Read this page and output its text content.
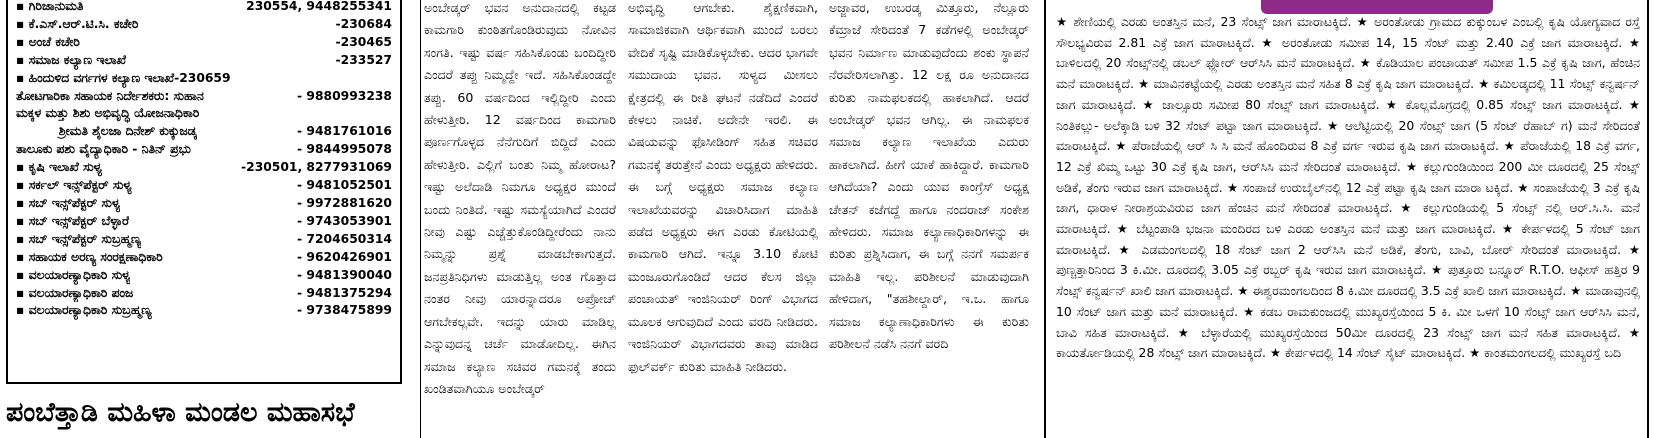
▪ ಗಿರಿಜಾನುಮತಿ	230554, 9448255341
▪ ಕೆ.ಎಸ್.ಆರ್.ಟಿ.ಸಿ. ಕಚೇರಿ	-230684
▪ ಅಂಚೆ ಕಚೇರಿ	-230465
▪ ಸಮಾಜ ಕಲ್ಯಾಣ ಇಲಾಖೆ	-233527
▪ ಹಿಂದುಳಿದ ವರ್ಗಗಳ ಕಲ್ಯಾಣ ಇಲಾಖೆ-230659
ತೋಟಗಾರಿಕಾ ಸಹಾಯಕ ನಿರ್ದೇಶಕರು: ಸುಹಾನ	- 9880993238
ಮಕ್ಕಳ ಮತ್ತು ಶಿಶು ಅಭಿವೃದ್ಧಿ ಯೋಜನಾಧಿಕಾರಿ
ಶ್ರೀಮತಿ ಶೈಲಜಾ ದಿನೇಶ್ ಕುಕ್ಕುಜಡ್ಕ	- 9481761016
ತಾಲೂಕು ಪಶು ವೈದ್ಯಾಧಿಕಾರಿ - ನಿತಿನ್ ಪ್ರಭು	- 9844995078
▪ ಕೃಷಿ ಇಲಾಖೆ ಸುಳ್ಯ	-230501, 8277931069
▪ ಸರ್ಕಲ್ ಇನ್ಸ್‌ಪೆಕ್ಟರ್ ಸುಳ್ಯ	- 9481052501
▪ ಸಬ್ ಇನ್ಸ್‌ಪೆಕ್ಟರ್ ಸುಳ್ಯ	- 9972881620
▪ ಸಬ್ ಇನ್ಸ್‌ಪೆಕ್ಟರ್ ಬೆಳ್ಳಾರೆ	- 9743053901
▪ ಸಬ್ ಇನ್ಸ್‌ಪೆಕ್ಟರ್ ಸುಬ್ರಹ್ಮಣ್ಯ	- 7204650314
▪ ಸಹಾಯಕ ಅರಣ್ಯ ಸಂರಕ್ಷಣಾಧಿಕಾರಿ	- 9620426901
▪ ವಲಯಾರಣ್ಯಾಧಿಕಾರಿ ಸುಳ್ಯ	- 9481390040
▪ ವಲಯಾರಣ್ಯಾಧಿಕಾರಿ ಪಂಜ	- 9481375294
▪ ವಲಯಾರಣ್ಯಾಧಿಕಾರಿ ಸುಬ್ರಹ್ಮಣ್ಯ	- 9738475899
ಪಂಬೆತ್ತಾಡಿ ಮಹಿಳಾ ಮಂಡಲ ಮಹಾಸಭೆ

ಅಂಬೇಡ್ಕರ್ ಭವನ ಅನುದಾನದಲ್ಲಿ ಕಟ್ಟಡ ಕಾಮಗಾರಿ ಕುಂಠಿತಗೊಂಡಿರುವುದು ನೋವಿನ ಸಂಗತಿ. ಇಷ್ಟು ವರ್ಷ ಸಹಿಸಿಕೊಂಡು ಬಂದಿದ್ದೀರಿ ಎಂದರೆ ತಪ್ಪು ನಿಮ್ಮದ್ದೇ ಇದೆ. ಸಹಿಸಿಕೊಂಡದ್ದೇ ತಪ್ಪು. 60 ವರ್ಷದಿಂದ ಇಲ್ಲಿದ್ದೀರಿ ಎಂದು ಹೇಳುತ್ತೀರಿ. 12 ವರ್ಷದಿಂದ ಕಾಮಗಾರಿ ಪೂರ್ಣಗೊಳ್ಳದ ನೆನೆಗುದಿಗೆ ಬಿದ್ದಿದೆ ಎಂದು ಹೇಳುತ್ತೀರಿ. ಎಲ್ಲಿಗೆ ಬಂತು ನಿಮ್ಮ ಹೋರಾಟ? ಇಷ್ಟು ಅಲೆದಾಡಿ ನಿಮಗೂ ಅಧ್ಯಕ್ಷರ ಮುಂದೆ ಬಂದು ನಿಂತಿದೆ. ಇಷ್ಟು ಸಮಸ್ಯೆಯಾಗಿದೆ ಎಂದರೆ ನೀವು ಎಷ್ಟು ಎಚ್ಚೆತ್ತುಕೊಂಡಿದ್ದೀರೆಂದು ನಾನು ನಿಮ್ಮನ್ನು ಪ್ರಶ್ನೆ ಮಾಡಬೇಕಾಗುತ್ತದೆ. ಜನಪ್ರತಿನಿಧಿಗಳು ಮಾಡುತ್ತಿಲ್ಲ ಅಂತ ಗೊತ್ತಾದ ನಂತರ ನೀವು ಯಾರನ್ನಾದರೂ ಅಪ್ರೋಚ್ ಆಗಬೇಕಲ್ಲವೇ. ಇದನ್ನು ಯಾರು ಮಾಡಿಲ್ಲ ಎನ್ನುವುದನ್ನ ಚರ್ಚೆ ಮಾಡೋದಿಲ್ಲ. ಈಗಿನ ಸಮಾಜ ಕಲ್ಯಾಣ ಸಚಿವರ ಗಮನಕ್ಕೆ ತಂದು ಖಂಡಿತವಾಗಿಯೂ ಅಂಬೇಡ್ಕರ್

ಅಭಿವೃದ್ಧಿ ಆಗಬೇಕು. ಶೈಕ್ಷಣಿಕವಾಗಿ, ಸಾಮಾಜಿಕವಾಗಿ ಆರ್ಥಿಕವಾಗಿ ಮುಂದೆ ಬರಲು ವೇದಿಕೆ ಸೃಷ್ಟಿ ಮಾಡಿಕೊಳ್ಳಬೇಕು. ಆದರ ಭಾಗವೇ ಸಮುದಾಯ ಭವನ. ಸುಳ್ಯದ ಮೀಸಲು ಕ್ಷೇತ್ರದಲ್ಲಿ ಈ ರೀತಿ ಘಟನೆ ನಡೆದಿದೆ ಎಂದರೆ ಕೇಳಲು ನಾಚಿಕೆ. ಅದೇನೇ ಇರಲಿ. ಈ ವಿಷಯವನ್ನು ಫೊಸೀಡಿಂಗ್ ಸಹಿತ ಸಚಿವರ ಗಮನಕ್ಕೆ ತರುತ್ತೇನೆ ಎಂದು ಅಧ್ಯಕ್ಷರು ಹೇಳಿದರು.
ಈ ಬಗ್ಗೆ ಅಧ್ಯಕ್ಷರು ಸಮಾಜ ಕಲ್ಯಾಣ ಇಲಾಖೆಯವರನ್ನು ವಿಚಾರಿಸಿದಾಗ ಮಾಹಿತಿ ಪಡೆದ ಅಧ್ಯಕ್ಷರು ಈಗ ಎರಡು ಕೋಟಿಯಲ್ಲಿ ಕಾಮಗಾರಿ ಆಗಿದೆ. ಇನ್ನೂ 3.10 ಕೋಟಿ ಮಂಜೂರುಗೊಂಡಿದೆ ಆದರ ಕೆಲಸ ಜಿಲ್ಲಾ ಪಂಚಾಯತ್ ಇಂಜಿನಿಯರ್ ರಿಂಗ್ ವಿಭಾಗದ ಮೂಲಕ ಆಗುವುದಿದೆ ಎಂದು ವರದಿ ನೀಡಿದರು. ಇಂಜಿನಿಯರ್ ವಿಭಾಗದವರು ತಾವು ಮಾಡಿದ ಫುಲ್‌ವರ್ಕ್ ಕುರಿತು ಮಾಹಿತಿ ನೀಡಿದರು.

ಅಜ್ಜಾವರ, ಉಬರಡ್ಕ ಮಿತ್ತೂರು, ನೆಲ್ಲೂರು ಕೆಮ್ರಾಜೆ ಸೇರಿದಂತೆ 7 ಕಡೆಗಳಲ್ಲಿ ಅಂಬೇಡ್ಕರ್ ಭವನ ನಿರ್ಮಾಣ ಮಾಡುವುದೆಂದು ಶಂಕು ಸ್ಥಾಪನೆ ನೆರವೇರಿಸಲಾಗಿತ್ತು. 12 ಲಕ್ಷ ರೂ ಅನುದಾನದ ಕುರಿತು ನಾಮಫಲಕದಲ್ಲಿ ಹಾಕಲಾಗಿದೆ. ಆದರೆ ಅಂಬೇಡ್ಕರ್ ಭವನ ಆಗಿಲ್ಲ. ಈ ನಾಮಫಲಕ ಸಮಾಜ ಕಲ್ಯಾಣ ಇಲಾಖೆಯ ಎದುರು ಹಾಕಲಾಗಿದೆ. ಹೀಗೆ ಯಾಕೆ ಹಾಕಿದ್ದಾರೆ. ಕಾಮಗಾರಿ ಆಗಿದೆಯಾ? ಎಂದು ಯುವ ಕಾಂಗ್ರೆಸ್ ಅಧ್ಯಕ್ಷ ಚೇತನ್ ಕಜೆಗದ್ದೆ ಹಾಗೂ ನಂದರಾಜ್ ಸಂಕೇಶ ಹೇಳಿದರು. ಸಮಾಜ ಕಲ್ಯಾಣಾಧಿಕಾರಿಗಳನ್ನು ಈ ಕುರಿತು ಪ್ರಶ್ನಿಸಿದಾಗ, ಈ ಬಗ್ಗೆ ನನಗೆ ಸಮರ್ಪಕ ಮಾಹಿತಿ ಇಲ್ಲ. ಪರಿಶೀಲನೆ ಮಾಡುವುದಾಗಿ ಹೇಳಿದಾಗ, "ತಹಶೀಲ್ದಾರ್, ಇ.ಒ. ಹಾಗೂ ಸಮಾಜ ಕಲ್ಯಾಣಾಧಿಕಾರಿಗಳು ಈ ಕುರಿತು ಪರಿಶೀಲನೆ ನಡೆಸಿ ನನಗೆ ವರದಿ

★ ಶೇಣಿಯಲ್ಲಿ ಎರಡು ಅಂತಸ್ತಿನ ಮನೆ, 23 ಸೆಂಟ್ಸ್ ಜಾಗ ಮಾರಾಟಕ್ಕಿದೆ. ★ ಅರಂತೋಡು ಗ್ರಾಮದ ಕುಕ್ಕುಂಬಳ ಎಂಬಲ್ಲಿ ಕೃಷಿ ಯೋಗ್ಯವಾದ ರಸ್ತೆ ಸೌಲಭ್ಯವಿರುವ 2.81 ಎಕ್ರೆ ಜಾಗ ಮಾರಾಟಕ್ಕಿದೆ. ★ ಅರಂತೋಡು ಸಮೀಪ 14, 15 ಸೆಂಟ್ ಮತ್ತು 2.40 ಎಕ್ರೆ ಜಾಗ ಮಾರಾಟಕ್ಕಿದೆ. ★ ಬಾಳಿಲದಲ್ಲಿ 20 ಸೆಂಟ್ಸ್‌ನಲ್ಲಿ ಡಬಲ್ ಫ್ಲೋರ್ ಆರ್‌ಸಿಸಿ ಮನೆ ಮಾರಾಟಕ್ಕಿದೆ. ★ ಕೊಡಿಯಾಲ ಪಂಚಾಯತ್ ಸಮೀಪ 1.5 ಎಕ್ರೆ ಕೃಷಿ ಜಾಗ, ಹೆಂಚಿನ ಮನೆ ಮಾರಾಟಕ್ಕಿದೆ. ★ ಮಾವಿನಕಟ್ಟೆಯಲ್ಲಿ ಎರಡು ಅಂತಸ್ತಿನ ಮನೆ ಸಹಿತ 8 ಎಕ್ರೆ ಕೃಷಿ ಜಾಗ ಮಾರಾಟಕ್ಕಿದೆ. ★ ಕಮಿಲಡ್ಕದಲ್ಲಿ 11 ಸೆಂಟ್ಸ್ ಕನ್ವರ್ಷನ್ ಜಾಗ ಮಾರಾಟಕ್ಕಿದೆ. ★ ಜಾಲ್ಸೂರು ಸಮೀಪ 80 ಸೆಂಟ್ಸ್ ಜಾಗ ಮಾರಾಟಕ್ಕಿದೆ. ★ ಕೊಲ್ಲಮೊಗ್ರದಲ್ಲಿ 0.85 ಸೆಂಟ್ಸ್ ಜಾಗ ಮಾರಾಟಕ್ಕಿದೆ. ★ ನಿಂತಿಕಲ್ಲು- ಅಲೆಕ್ಕಾಡಿ ಬಳಿ 32 ಸೆಂಟ್ ಪಟ್ಟಾ ಜಾಗ ಮಾರಾಟಕ್ಕಿದೆ. ★ ಆಲೆಟ್ಟಿಯಲ್ಲಿ 20 ಸೆಂಟ್ಸ್ ಜಾಗ (5 ಸೆಂಟ್ ರೆಹಾಬ್ ಗ) ಮನೆ ಸೇರಿದಂತೆ ಮಾರಾಟಕ್ಕಿದೆ. ★ ಪೆರಾಜೆಯಲ್ಲಿ ಆರ್ ಸಿ ಸಿ ಮನೆ ಹೊಂದಿರುವ 8 ಎಕ್ರೆ ವರ್ಗ ಇರುವ ಕೃಷಿ ಜಾಗ ಮಾರಾಟಕ್ಕಿದೆ. ★ ಪೆರಾಜೆಯಲ್ಲಿ 18 ಎಕ್ರೆ ವರ್ಗ, 12 ಎಕ್ರೆ ಖಿಮ್ಮ ಒಟ್ಟು 30 ಎಕ್ರೆ ಕೃಷಿ ಜಾಗ, ಆರ್‌ಸಿಸಿ ಮನೆ ಸೇರಿದಂತೆ ಮಾರಾಟಕ್ಕಿದೆ. ★ ಕಲ್ಲುಗುಂಡಿಯಿಂದ 200 ಮೀ ದೂರದಲ್ಲಿ 25 ಸೆಂಟ್ಸ್ ಅಡಿಕೆ, ತೆಂಗು ಇರುವ ಜಾಗ ಮಾರಾಟಕ್ಕಿದೆ. ★ ಸಂಪಾಜೆ ಉರುಬೈಲ್‌ನಲ್ಲಿ 12 ಎಕ್ರೆ ಪಟ್ಟಾ ಕೃಷಿ ಜಾಗ ಮಾರಾ ಟಕ್ಕಿದೆ. ★ ಸಂಪಾಜೆಯಲ್ಲಿ 3 ಎಕ್ರೆ ಕೃಷಿ ಜಾಗ, ಧಾರಾಳ ನೀರಾಶ್ರಯವಿರುವ ಜಾಗ ಹೆಂಚಿನ ಮನೆ ಸೇರಿದಂತೆ ಮಾರಾಟಕ್ಕಿದೆ. ★ ಕಲ್ಲುಗುಂಡಿಯಲ್ಲಿ 5 ಸೆಂಟ್ಸ್ ನಲ್ಲಿ ಆರ್.ಸಿ.ಸಿ. ಮನೆ ಮಾರಾಟಕ್ಕಿದೆ. ★ ಬೆಟ್ಟಂಪಾಡಿ ಭಜನಾ ಮಂದಿರದ ಬಳಿ ಎರಡು ಅಂತಸ್ತಿನ ಮನೆ ಮತ್ತು ಜಾಗ ಮಾರಾಟಕ್ಕಿದೆ. ★ ಕೇರ್ಪಳದಲ್ಲಿ 5 ಸೆಂಟ್ ಜಾಗ ಮಾರಾಟಕ್ಕಿದೆ. ★ ಎಡಮಂಗಲದಲ್ಲಿ 18 ಸೆಂಟ್ ಜಾಗ 2 ಆರ್‌ಸಿಸಿ ಮನೆ ಅಡಿಕೆ, ತೆಂಗು, ಬಾವಿ, ಬೋರ್ ಸೇರಿದಂತೆ ಮಾರಾಟಕ್ಕಿದೆ. ★ ಪುಣ್ಚತ್ತಾರಿನಿಂದ 3 ಕಿ.ಮೀ. ದೂರದಲ್ಲಿ 3.05 ಎಕ್ರೆ ರಬ್ಬರ್ ಕೃಷಿ ಇರುವ ಜಾಗ ಮಾರಾಟಕ್ಕಿದೆ. ★ ಪುತ್ತೂರು ಬನ್ನೂರ್ R.T.O. ಆಫೀಸ್ ಹತ್ತಿರ 9 ಸೆಂಟ್ಸ್ ಕನ್ವರ್ಷನ್ ಖಾಲಿ ಜಾಗ ಮಾರಾಟಕ್ಕಿದೆ. ★ ಈಶ್ವರಮಂಗಲದಿಂದ 8 ಕಿ.ಮೀ ದೂರದಲ್ಲಿ 3.5 ಎಕ್ರೆ ಖಾಲಿ ಜಾಗ ಮಾರಾಟಕ್ಕಿದೆ. ★ ಮಾಡಾವುನಲ್ಲಿ 10 ಸೆಂಟ್ ಜಾಗ ಮತ್ತು ಮನೆ ಮಾರಾಟಕ್ಕಿದೆ. ★ ಕಡಬ ರಾಮಕುಂಜದಲ್ಲಿ ಮುಖ್ಯರಸ್ತೆಯಿಂದ 5 ಕಿ. ಮೀ ಒಳಗೆ 10 ಸೆಂಟ್ಸ್ ಜಾಗ ಆರ್‌ಸಿಸಿ ಮನೆ, ಬಾವಿ ಸಹಿತ ಮಾರಾಟಕ್ಕಿದೆ. ★ ಬೆಳ್ಳಾರೆಯಲ್ಲಿ ಮುಖ್ಯರಸ್ತೆಯಿಂದ 50ಮೀ ದೂರದಲ್ಲಿ 23 ಸೆಂಟ್ಸ್ ಜಾಗ ಮನೆ ಸಹಿತ ಮಾರಾಟಕ್ಕಿದೆ. ★ ಕಾಯರ್ತೋಡಿಯಲ್ಲಿ 28 ಸೆಂಟ್ಸ್ ಜಾಗ ಮಾರಾಟಕ್ಕಿದೆ. ★ ಕೇರ್ಪಳದಲ್ಲಿ 14 ಸೆಂಟ್ ಸೈಟ್ ಮಾರಾಟಕ್ಕಿದೆ. ★ ಕಾಂತಮಂಗಲದಲ್ಲಿ ಮುಖ್ಯರಸ್ತೆ ಬದಿ
